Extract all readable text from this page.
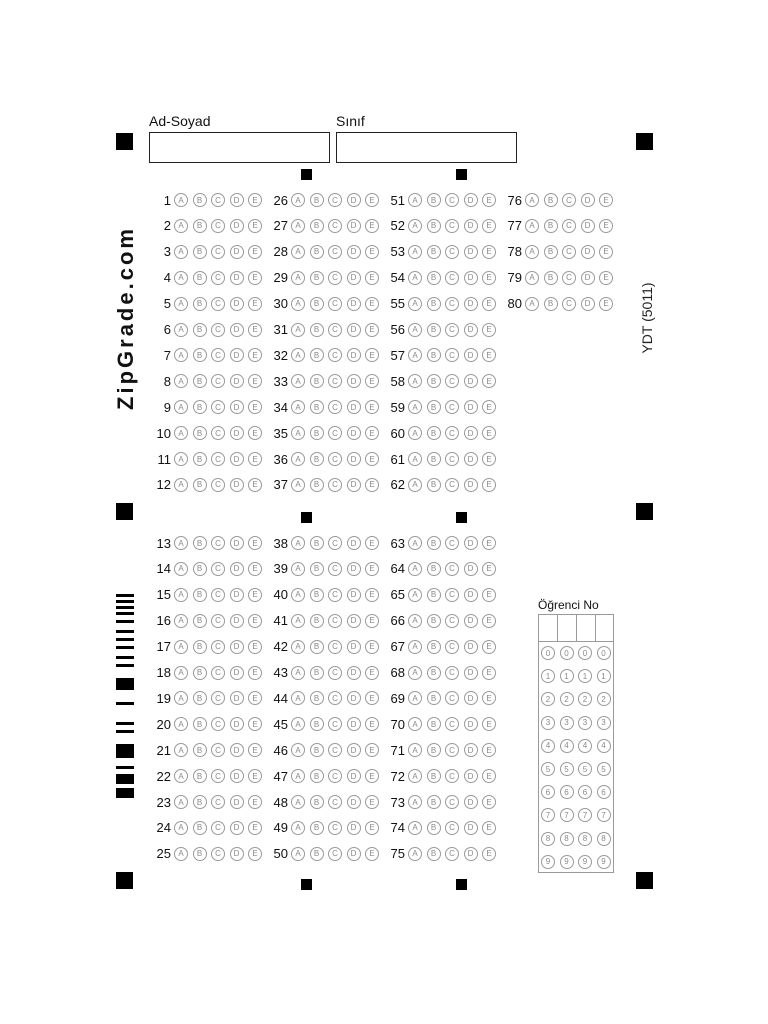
Ad-Soyad	Sınıf
ZipGrade.com	YDT (5011)
1 A	B	C	D	E
2 A	B	C	D	E
3 A	B	C	D	E
4 A	B	C	D	E
5 A	B	C	D	E
6 A	B	C	D	E
7 A	B	C	D	E
8 A	B	C	D	E
9 A	B	C	D	E
10 A	B	C	D	E
11 A	B	C	D	E
12 A	B	C	D	E
26 A	B	C	D	E
27 A	B	C	D	E
28 A	B	C	D	E
29 A	B	C	D	E
30 A	B	C	D	E
31 A	B	C	D	E
32 A	B	C	D	E
33 A	B	C	D	E
34 A	B	C	D	E
35 A	B	C	D	E
36 A	B	C	D	E
37 A	B	C	D	E
51 A	B	C	D	E
52 A	B	C	D	E
53 A	B	C	D	E
54 A	B	C	D	E
55 A	B	C	D	E
56 A	B	C	D	E
57 A	B	C	D	E
58 A	B	C	D	E
59 A	B	C	D	E
60 A	B	C	D	E
61 A	B	C	D	E
62 A	B	C	D	E
76 A	B	C	D	E
77 A	B	C	D	E
78 A	B	C	D	E
79 A	B	C	D	E
80 A	B	C	D	E
13 A	B	C	D	E
14 A	B	C	D	E
15 A	B	C	D	E
16 A	B	C	D	E
17 A	B	C	D	E
18 A	B	C	D	E
19 A	B	C	D	E
20 A	B	C	D	E
21 A	B	C	D	E
22 A	B	C	D	E
23 A	B	C	D	E
24 A	B	C	D	E
25 A	B	C	D	E
38 A	B	C	D	E
39 A	B	C	D	E
40 A	B	C	D	E
41 A	B	C	D	E
42 A	B	C	D	E
43 A	B	C	D	E
44 A	B	C	D	E
45 A	B	C	D	E
46 A	B	C	D	E
47 A	B	C	D	E
48 A	B	C	D	E
49 A	B	C	D	E
50 A	B	C	D	E
63 A	B	C	D	E
64 A	B	C	D	E
65 A	B	C	D	E
66 A	B	C	D	E
67 A	B	C	D	E
68 A	B	C	D	E
69 A	B	C	D	E
70 A	B	C	D	E
71 A	B	C	D	E
72 A	B	C	D	E
73 A	B	C	D	E
74 A	B	C	D	E
75 A	B	C	D	E
Öğrenci No
0	0	0	0
1	1	1	1
2	2	2	2
3	3	3	3
4	4	4	4
5	5	5	5
6	6	6	6
7	7	7	7
8	8	8	8
9	9	9	9
